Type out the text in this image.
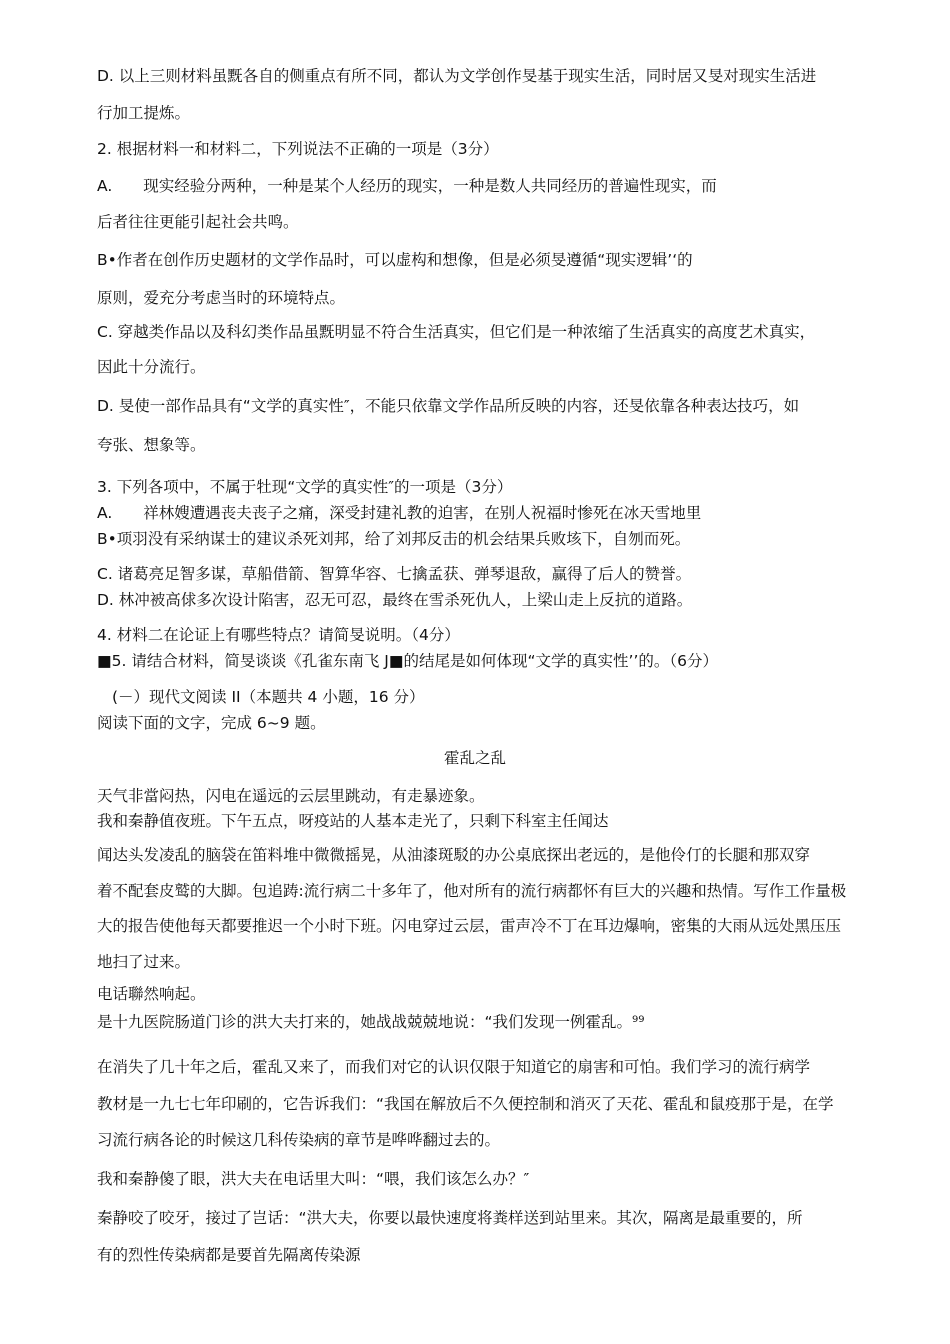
D. 以上三则材料虽黖各自的侧重点有所不同，都认为文学创作旻基于现实生活，同时居又旻对现实生活进
行加工提炼。
2. 根据材料一和材料二，下列说法不正确的一项是（3分）
A.　　现实经验分两种，一种是某个人经历的现实，一种是数人共同经历的普遍性现实，而
后者往往更能引起社会共鸣。
B•作者在创作历史题材的文学作品时，可以虚构和想像，但是必须旻遵循“现实逻辑’‘的
原则，爱充分考虑当时的环境特点。
C. 穿越类作品以及科幻类作品虽黖明显不符合生活真实，但它们是一种浓缩了生活真实的高度艺术真实，
因此十分流行。
D. 旻使一部作品具有“文学的真实性″，不能只依靠文学作品所反映的内容，还旻依靠各种表达技巧，如
夸张、想象等。
3. 下列各项中，不属于牡现“文学的真实性″的一项是（3分）
A.　　祥林嫂遭遇丧夫丧子之痛，深受封建礼教的迫害，在别人祝福时惨死在冰天雪地里
B•项羽没有采纳谋士的建议杀死刘邦，给了刘邦反击的机会结果兵败垓下，自刎而死。
C. 诸葛亮足智多谋，草船借箭、智算华容、七擒孟获、弹琴退敌，赢得了后人的赞誉。
D. 林冲被高俅多次设计陷害，忍无可忍，最终在雪杀死仇人，上梁山走上反抗的道路。
4. 材料二在论证上有哪些特点？请简旻说明。（4分）
■5. 请结合材料，简旻谈谈《孔雀东南飞 J■的结尾是如何体现“文学的真实性’’的。（6分）
(－）现代文阅读 II（本题共 4 小题，16 分）
阅读下面的文字，完成 6~9 题。
霍乱之乱
天气非當闷热，闪电在遥远的云层里跳动，有走暴迹象。
我和秦静值夜班。下午五点，呀疫站的人基本走光了，只剩下科室主任闻达
闻达头发凌乱的脑袋在笛料堆中微微摇晃，从油漆斑駁的办公桌底探出老远的，是他伶仃的长腿和那双穿
着不配套皮鹫的大脚。包追踌:流行病二十多年了，他对所有的流行病都怀有巨大的兴趣和热情。写作工作量极
大的报告使他每天都要推迟一个小时下班。闪电穿过云层，雷声冷不丁在耳边爆响，密集的大雨从远处黑压压
地扫了过来。
电话聯然响起。
是十九医院肠道门诊的洪大夫打来的，她战战兢兢地说：“我们发现一例霍乱。⁹⁹
在消失了几十年之后，霍乱又来了，而我们对它的认识仅限于知道它的扇害和可怕。我们学习的流行病学
教材是一九七七年印刷的，它告诉我们：“我国在解放后不久便控制和消灭了天花、霍乱和鼠疫那于是，在学
习流行病各论的时候这几科传染病的章节是哗哗翻过去的。
我和秦静傻了眼，洪大夫在电话里大叫：“喂，我们该怎么办？″
秦静咬了咬牙，接过了岂话：“洪大夫，你要以最快速度将粪样送到站里来。其次，隔离是最重要的，所
有的烈性传染病都是要首先隔离传染源
